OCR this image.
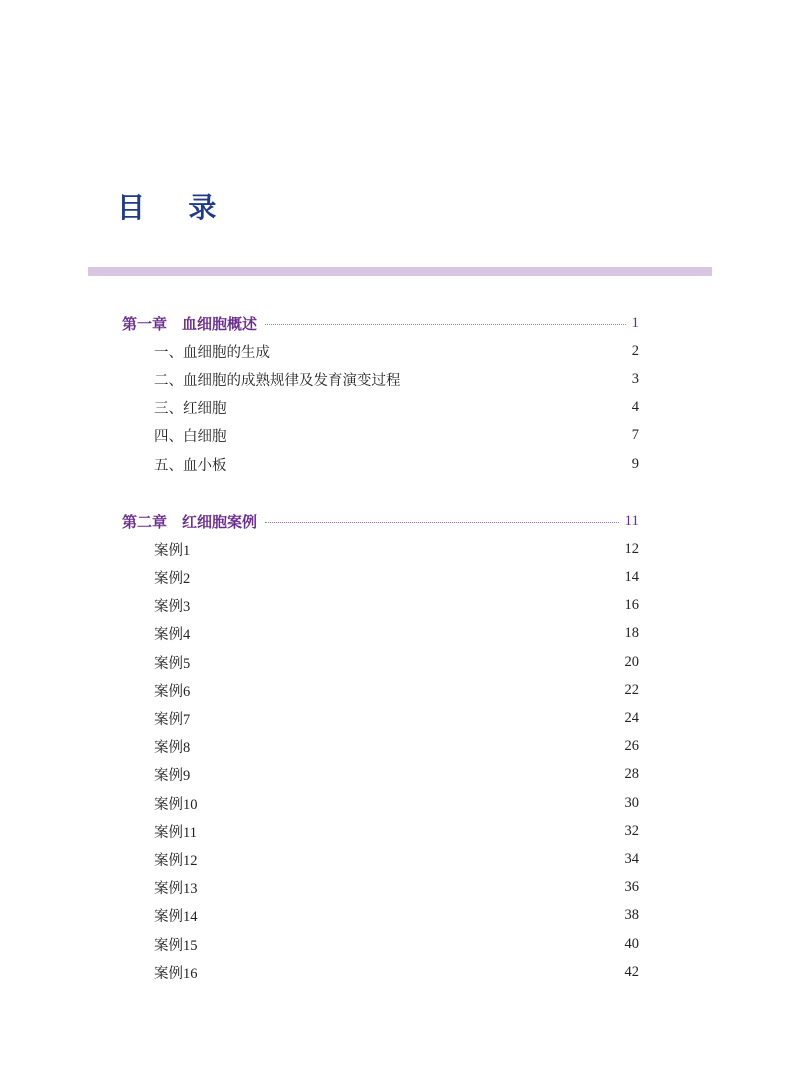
目 录
第一章 血细胞概述	1
一、血细胞的生成	2
二、血细胞的成熟规律及发育演变过程	3
三、红细胞	4
四、白细胞	7
五、血小板	9
第二章 红细胞案例	11
案例1	12
案例2	14
案例3	16
案例4	18
案例5	20
案例6	22
案例7	24
案例8	26
案例9	28
案例10	30
案例11	32
案例12	34
案例13	36
案例14	38
案例15	40
案例16	42
